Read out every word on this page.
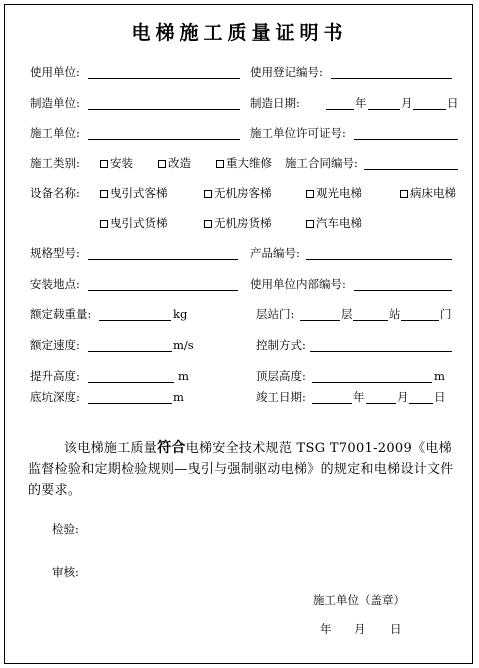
电梯施工质量证明书
使用单位:	使用登记编号:
制造单位:	制造日期:	年	月	日
施工单位:	施工单位许可证号:
施工类别:	安装	改造	重大维修 施工合同编号:
设备名称:	曳引式客梯	无机房客梯	观光电梯	病床电梯
曳引式货梯	无机房货梯	汽车电梯
规格型号:	产品编号:
安装地点:	使用单位内部编号:
额定载重量:	kg	层站门:	层	站	门
额定速度:	m/s	控制方式:
提升高度:	m	顶层高度:	m
底坑深度:	m	竣工日期:	年	月 日
该电梯施工质量符合电梯安全技术规范 TSG T7001-2009《电梯监督检验和定期检验规则—曳引与强制驱动电梯》的规定和电梯设计文件的要求。
检验:
审核:
施工单位（盖章）
年 月 日
